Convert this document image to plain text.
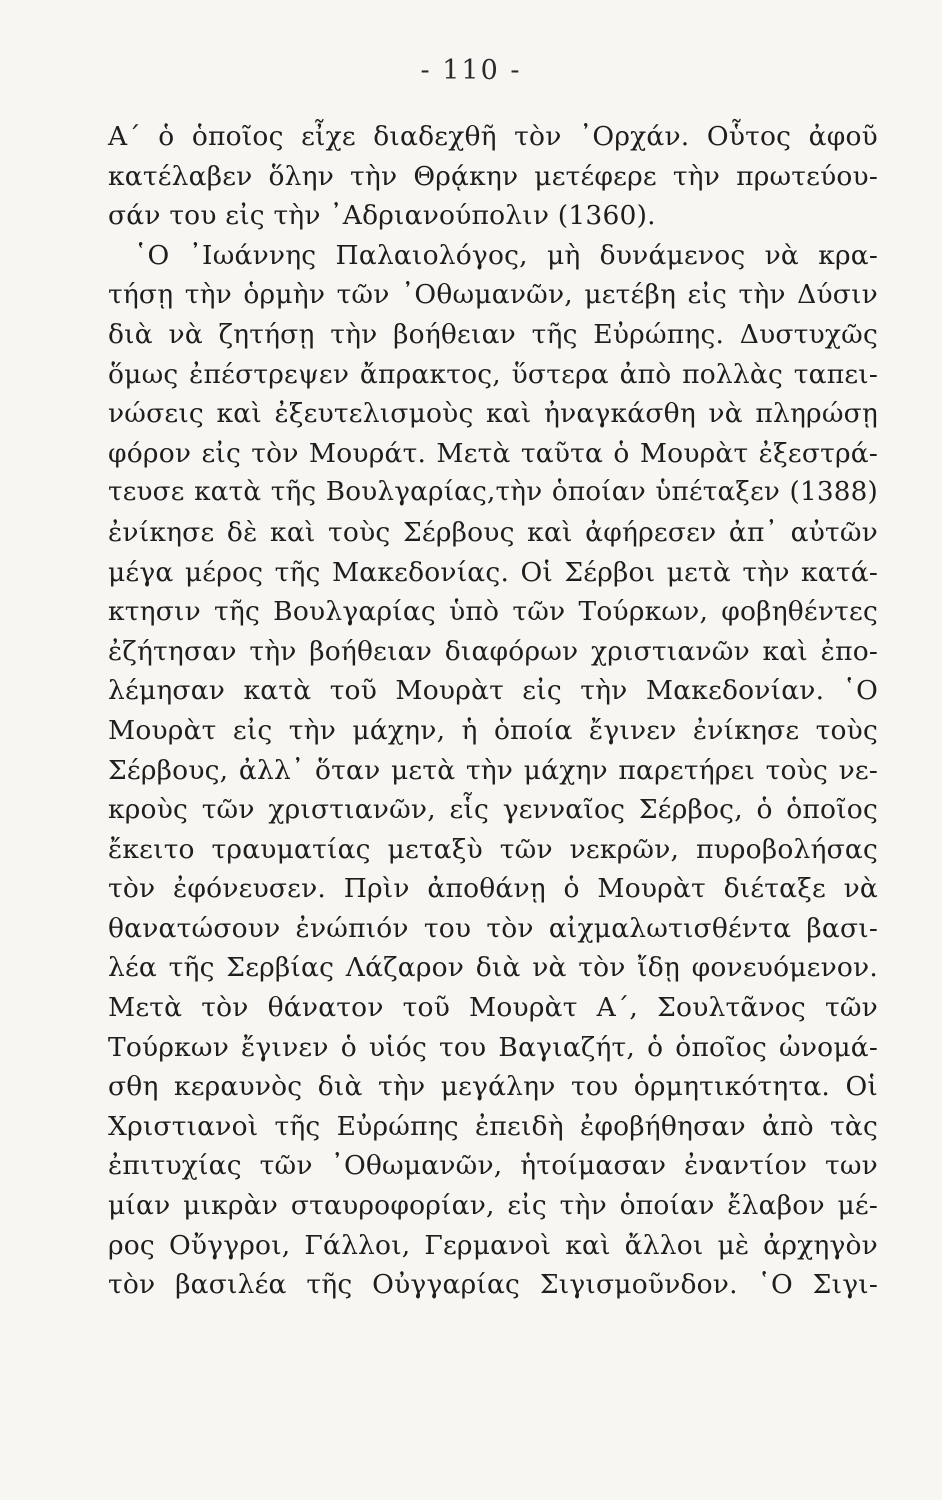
- 110 -
Α΄ ὁ ὁποῖος εἶχε διαδεχθῆ τὸν ᾿Ορχάν. Οὗτος ἀφοῦ
κατέλαβεν ὅλην τὴν Θρᾴκην μετέφερε τὴν πρωτεύου-
σάν του εἰς τὴν ᾿Αδριανούπολιν (1360).
῾Ο ᾿Ιωάννης Παλαιολόγος, μὴ δυνάμενος νὰ κρα-
τήσῃ τὴν ὁρμὴν τῶν ᾿Οθωμανῶν, μετέβη εἰς τὴν Δύσιν
διὰ νὰ ζητήσῃ τὴν βοήθειαν τῆς Εὐρώπης. Δυστυχῶς
ὅμως ἐπέστρεψεν ἄπρακτος, ὕστερα ἀπὸ πολλὰς ταπει-
νώσεις καὶ ἐξευτελισμοὺς καὶ ἠναγκάσθη νὰ πληρώσῃ
φόρον εἰς τὸν Μουράτ. Μετὰ ταῦτα ὁ Μουρὰτ ἐξεστρά-
τευσε κατὰ τῆς Βουλγαρίας,τὴν ὁποίαν ὑπέταξεν (1388)
ἐνίκησε δὲ καὶ τοὺς Σέρβους καὶ ἀφήρεσεν ἀπ᾿ αὐτῶν
μέγα μέρος τῆς Μακεδονίας. Οἱ Σέρβοι μετὰ τὴν κατά-
κτησιν τῆς Βουλγαρίας ὑπὸ τῶν Τούρκων, φοβηθέντες
ἐζήτησαν τὴν βοήθειαν διαφόρων χριστιανῶν καὶ ἐπο-
λέμησαν κατὰ τοῦ Μουρὰτ εἰς τὴν Μακεδονίαν. ῾Ο
Μουρὰτ εἰς τὴν μάχην, ἡ ὁποία ἔγινεν ἐνίκησε τοὺς
Σέρβους, ἀλλ᾿ ὅταν μετὰ τὴν μάχην παρετήρει τοὺς νε-
κροὺς τῶν χριστιανῶν, εἷς γενναῖος Σέρβος, ὁ ὁποῖος
ἔκειτο τραυματίας μεταξὺ τῶν νεκρῶν, πυροβολήσας
τὸν ἐφόνευσεν. Πρὶν ἀποθάνῃ ὁ Μουρὰτ διέταξε νὰ
θανατώσουν ἐνώπιόν του τὸν αἰχμαλωτισθέντα βασι-
λέα τῆς Σερβίας Λάζαρον διὰ νὰ τὸν ἴδῃ φονευόμενον.
Μετὰ τὸν θάνατον τοῦ Μουρὰτ Α΄, Σουλτᾶνος τῶν
Τούρκων ἔγινεν ὁ υἱός του Βαγιαζήτ, ὁ ὁποῖος ὠνομά-
σθη κεραυνὸς διὰ τὴν μεγάλην του ὁρμητικότητα. Οἱ
Χριστιανοὶ τῆς Εὐρώπης ἐπειδὴ ἐφοβήθησαν ἀπὸ τὰς
ἐπιτυχίας τῶν ᾿Οθωμανῶν, ἡτοίμασαν ἐναντίον των
μίαν μικρὰν σταυροφορίαν, εἰς τὴν ὁποίαν ἔλαβον μέ-
ρος Οὔγγροι, Γάλλοι, Γερμανοὶ καὶ ἄλλοι μὲ ἀρχηγὸν
τὸν βασιλέα τῆς Οὐγγαρίας Σιγισμοῦνδον. ῾Ο Σιγι-
